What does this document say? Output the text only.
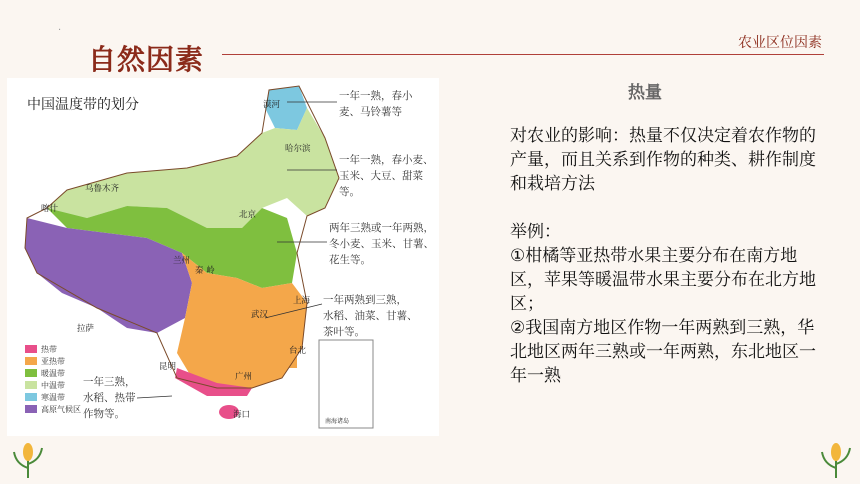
.
自然因素	农业区位因素
中国温度带的划分	漠河
哈尔滨
乌鲁木齐
喀什
北京
兰州
秦 岭
拉萨
上海
武汉
台北
昆明
广州
海口
南海诸岛
一年一熟，春小
麦、马铃薯等
一年一熟，春小麦、
玉米、大豆、甜菜
等。
两年三熟或一年两熟，
冬小麦、玉米、甘薯、
花生等。
一年两熟到三熟，
水稻、油菜、甘薯、
茶叶等。
一年三熟，
水稻、热带
作物等。
热带
亚热带
暖温带
中温带
寒温带
高原气候区
热量

对农业的影响：热量不仅决定着农作物的产量，而且关系到作物的种类、耕作制度和栽培方法

举例：

①柑橘等亚热带水果主要分布在南方地区，苹果等暖温带水果主要分布在北方地区；

②我国南方地区作物一年两熟到三熟，华北地区两年三熟或一年两熟，东北地区一年一熟
